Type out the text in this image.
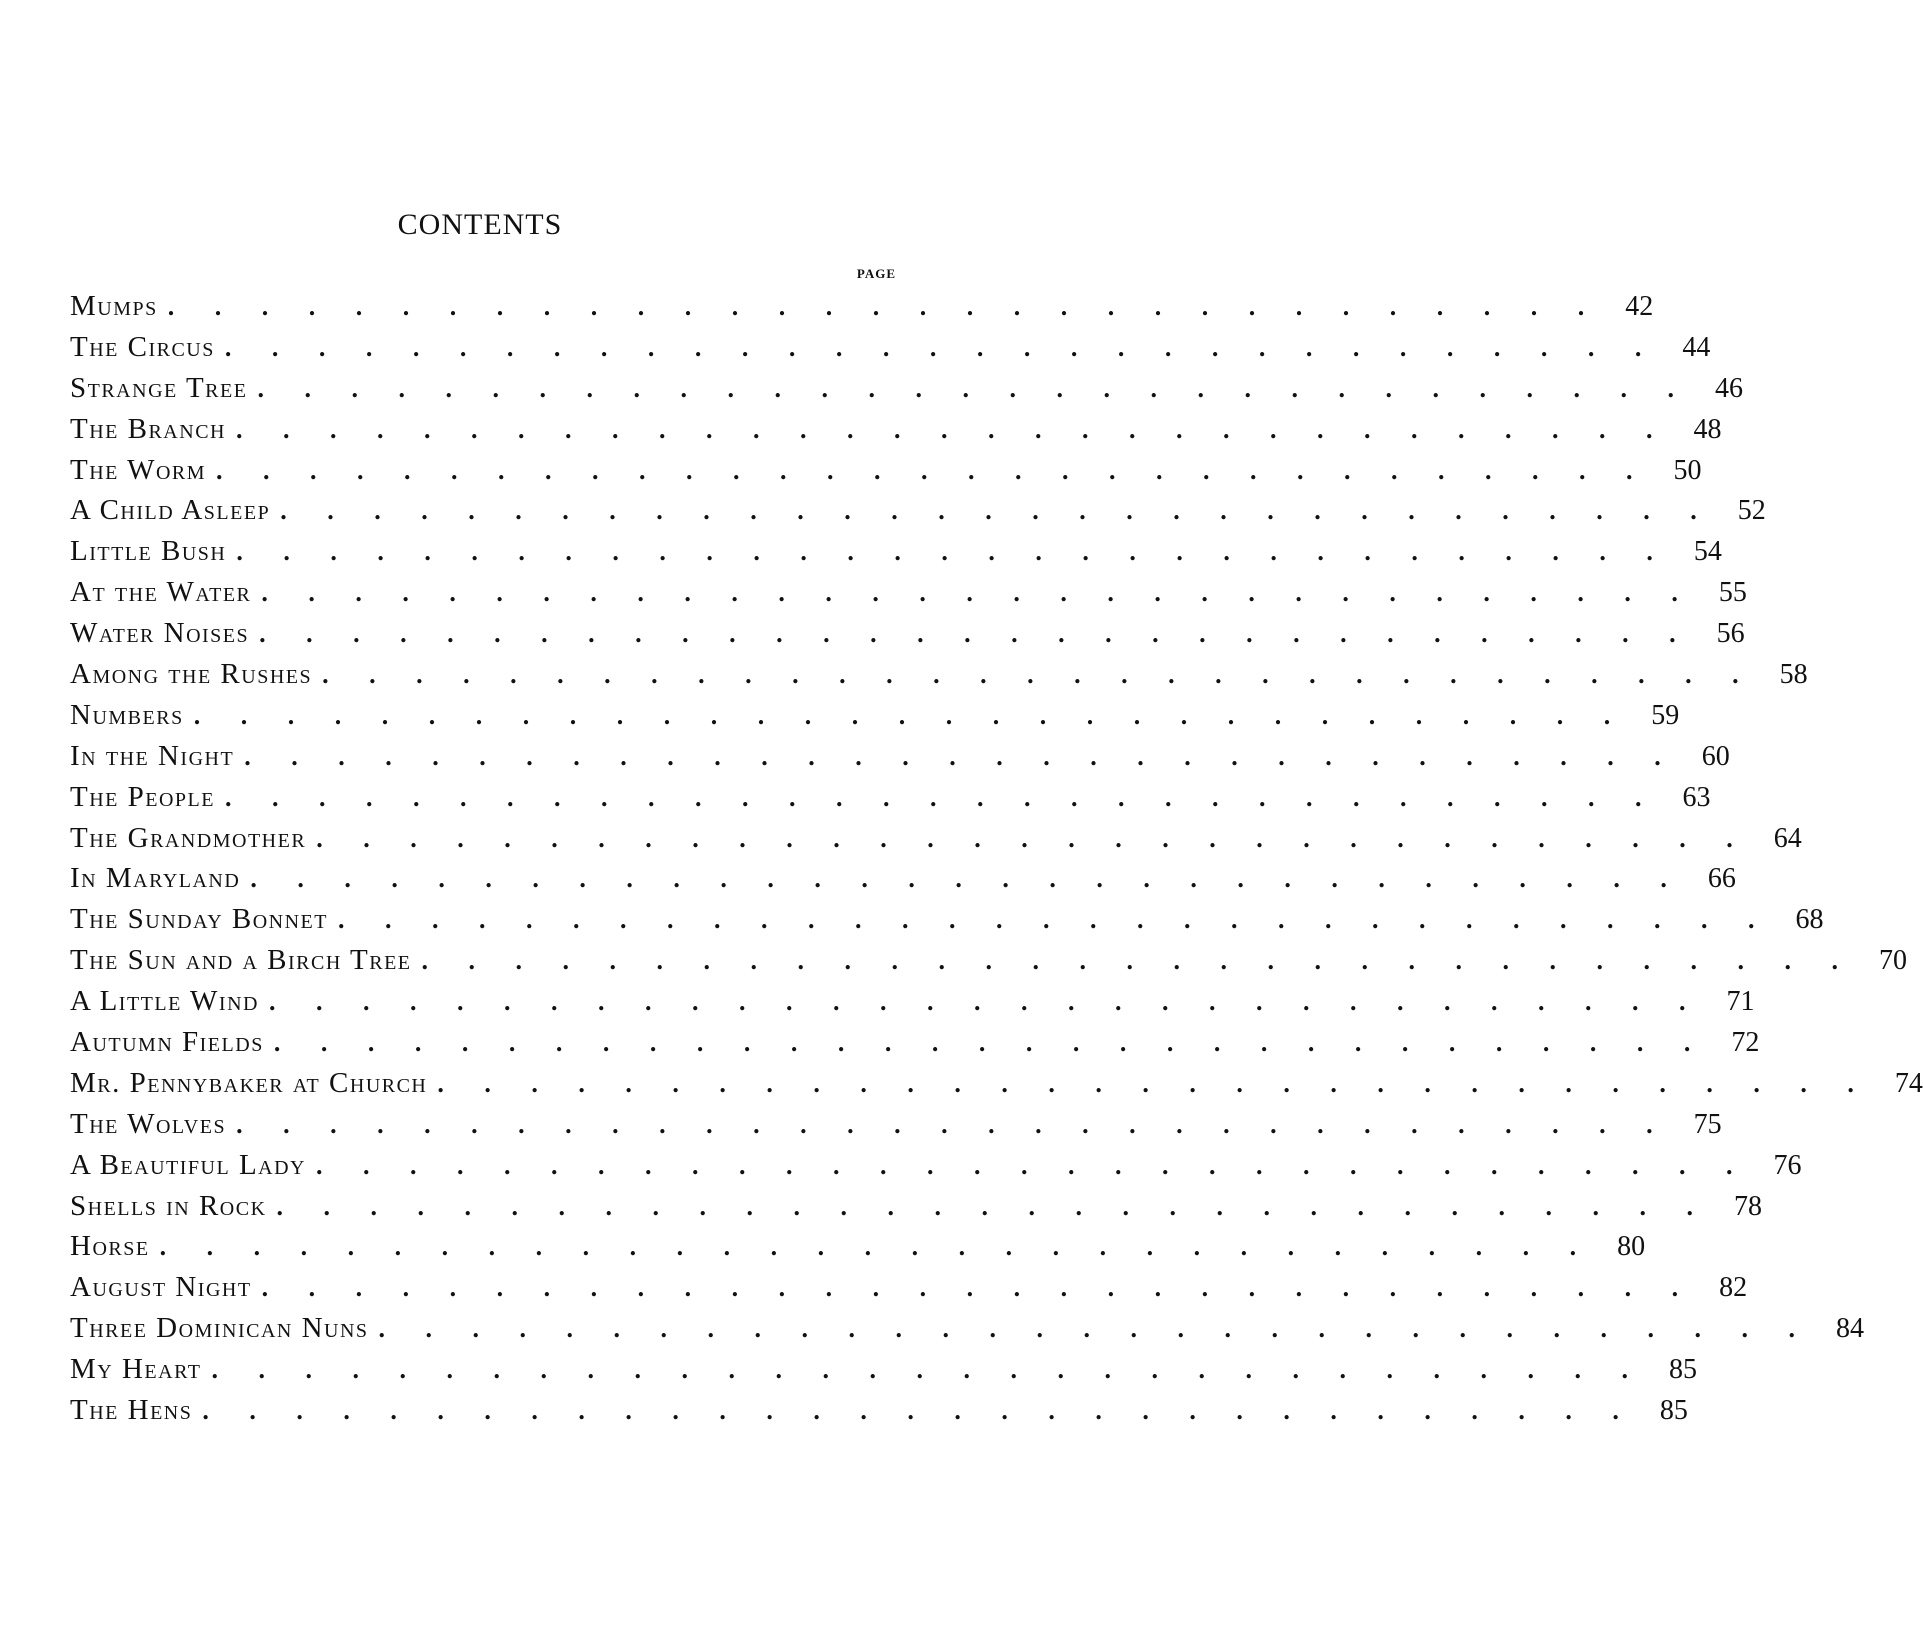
CONTENTS
PAGE
Mumps . . . . . . . . . . . . . . . . . . . . . . . . . . . . . . . 42
The Circus . . . . . . . . . . . . . . . . . . . . . . . . . . . . . . . 44
Strange Tree . . . . . . . . . . . . . . . . . . . . . . . . . . . . . . . 46
The Branch . . . . . . . . . . . . . . . . . . . . . . . . . . . . . . . 48
The Worm . . . . . . . . . . . . . . . . . . . . . . . . . . . . . . . 50
A Child Asleep . . . . . . . . . . . . . . . . . . . . . . . . . . . . . . . 52
Little Bush . . . . . . . . . . . . . . . . . . . . . . . . . . . . . . . 54
At the Water . . . . . . . . . . . . . . . . . . . . . . . . . . . . . . . 55
Water Noises . . . . . . . . . . . . . . . . . . . . . . . . . . . . . . . 56
Among the Rushes . . . . . . . . . . . . . . . . . . . . . . . . . . . . . . . 58
Numbers . . . . . . . . . . . . . . . . . . . . . . . . . . . . . . . 59
In the Night . . . . . . . . . . . . . . . . . . . . . . . . . . . . . . . 60
The People . . . . . . . . . . . . . . . . . . . . . . . . . . . . . . . 63
The Grandmother . . . . . . . . . . . . . . . . . . . . . . . . . . . . . . . 64
In Maryland . . . . . . . . . . . . . . . . . . . . . . . . . . . . . . . 66
The Sunday Bonnet . . . . . . . . . . . . . . . . . . . . . . . . . . . . . . . 68
The Sun and a Birch Tree . . . . . . . . . . . . . . . . . . . . . . . . . . . . . . . 70
A Little Wind . . . . . . . . . . . . . . . . . . . . . . . . . . . . . . . 71
Autumn Fields . . . . . . . . . . . . . . . . . . . . . . . . . . . . . . . 72
Mr. Pennybaker at Church . . . . . . . . . . . . . . . . . . . . . . . . . . . . . . . 74
The Wolves . . . . . . . . . . . . . . . . . . . . . . . . . . . . . . . 75
A Beautiful Lady . . . . . . . . . . . . . . . . . . . . . . . . . . . . . . . 76
Shells in Rock . . . . . . . . . . . . . . . . . . . . . . . . . . . . . . . 78
Horse . . . . . . . . . . . . . . . . . . . . . . . . . . . . . . . 80
August Night . . . . . . . . . . . . . . . . . . . . . . . . . . . . . . . 82
Three Dominican Nuns . . . . . . . . . . . . . . . . . . . . . . . . . . . . . . . 84
My Heart . . . . . . . . . . . . . . . . . . . . . . . . . . . . . . . 85
The Hens . . . . . . . . . . . . . . . . . . . . . . . . . . . . . . . 85
